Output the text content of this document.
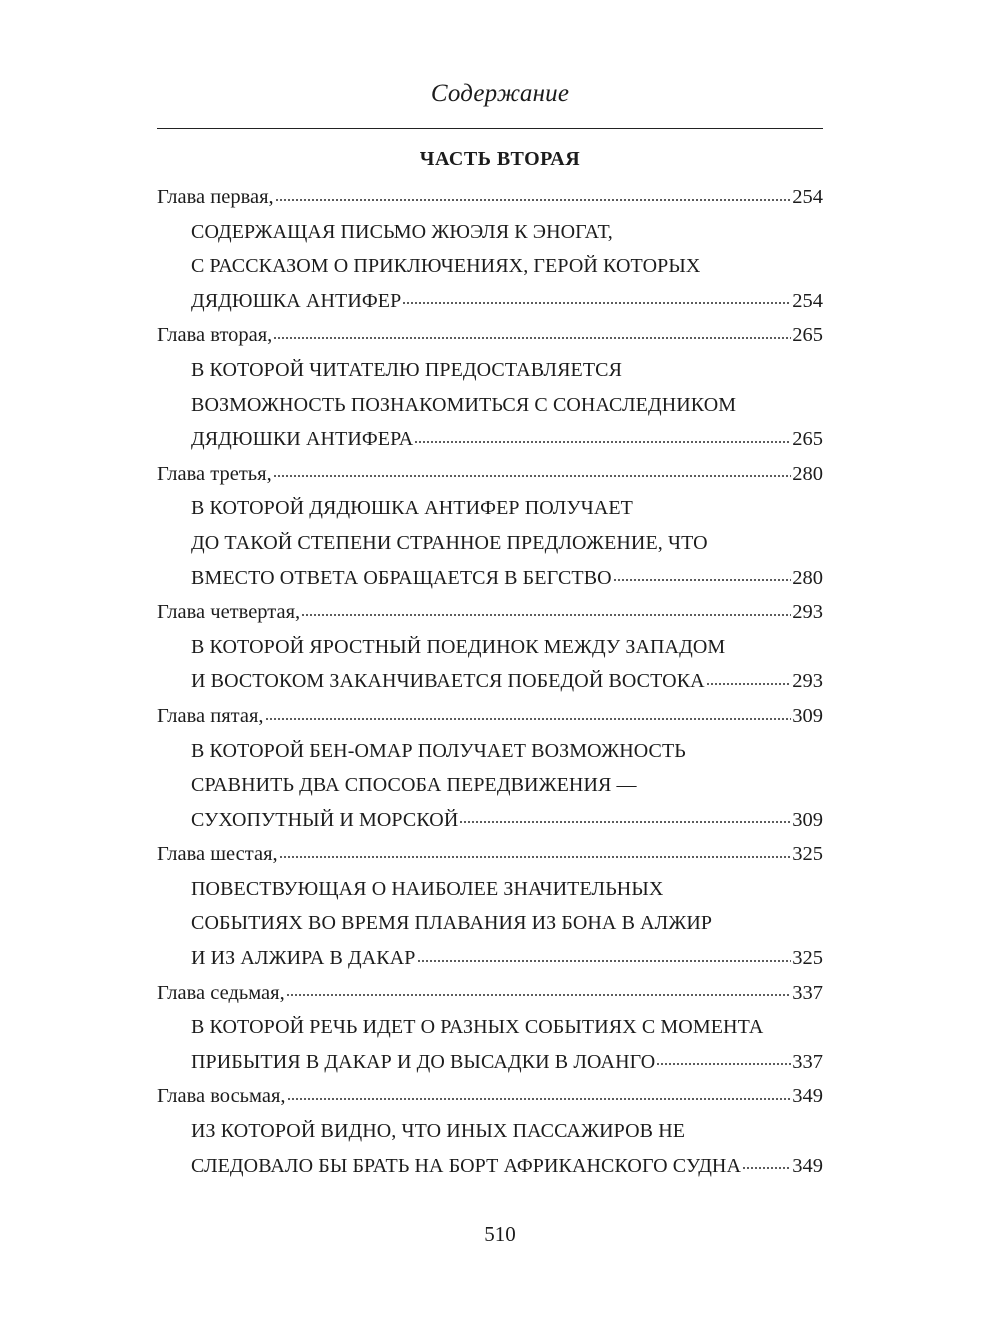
Содержание
ЧАСТЬ ВТОРАЯ
Глава первая,	254
СОДЕРЖАЩАЯ ПИСЬМО ЖЮЭЛЯ К ЭНОГАТ,
С РАССКАЗОМ О ПРИКЛЮЧЕНИЯХ, ГЕРОЙ КОТОРЫХ
ДЯДЮШКА АНТИФЕР	254
Глава вторая,	265
В КОТОРОЙ ЧИТАТЕЛЮ ПРЕДОСТАВЛЯЕТСЯ
ВОЗМОЖНОСТЬ ПОЗНАКОМИТЬСЯ С СОНАСЛЕДНИКОМ
ДЯДЮШКИ АНТИФЕРА	265
Глава третья,	280
В КОТОРОЙ ДЯДЮШКА АНТИФЕР ПОЛУЧАЕТ
ДО ТАКОЙ СТЕПЕНИ СТРАННОЕ ПРЕДЛОЖЕНИЕ, ЧТО
ВМЕСТО ОТВЕТА ОБРАЩАЕТСЯ В БЕГСТВО	280
Глава четвертая,	293
В КОТОРОЙ ЯРОСТНЫЙ ПОЕДИНОК МЕЖДУ ЗАПАДОМ
И ВОСТОКОМ ЗАКАНЧИВАЕТСЯ ПОБЕДОЙ ВОСТОКА	293
Глава пятая,	309
В КОТОРОЙ БЕН-ОМАР ПОЛУЧАЕТ ВОЗМОЖНОСТЬ
СРАВНИТЬ ДВА СПОСОБА ПЕРЕДВИЖЕНИЯ —
СУХОПУТНЫЙ И МОРСКОЙ	309
Глава шестая,	325
ПОВЕСТВУЮЩАЯ О НАИБОЛЕЕ ЗНАЧИТЕЛЬНЫХ
СОБЫТИЯХ ВО ВРЕМЯ ПЛАВАНИЯ ИЗ БОНА В АЛЖИР
И ИЗ АЛЖИРА В ДАКАР	325
Глава седьмая,	337
В КОТОРОЙ РЕЧЬ ИДЕТ О РАЗНЫХ СОБЫТИЯХ С МОМЕНТА
ПРИБЫТИЯ В ДАКАР И ДО ВЫСАДКИ В ЛОАНГО	337
Глава восьмая,	349
ИЗ КОТОРОЙ ВИДНО, ЧТО ИНЫХ ПАССАЖИРОВ НЕ
СЛЕДОВАЛО БЫ БРАТЬ НА БОРТ АФРИКАНСКОГО СУДНА 349
510
